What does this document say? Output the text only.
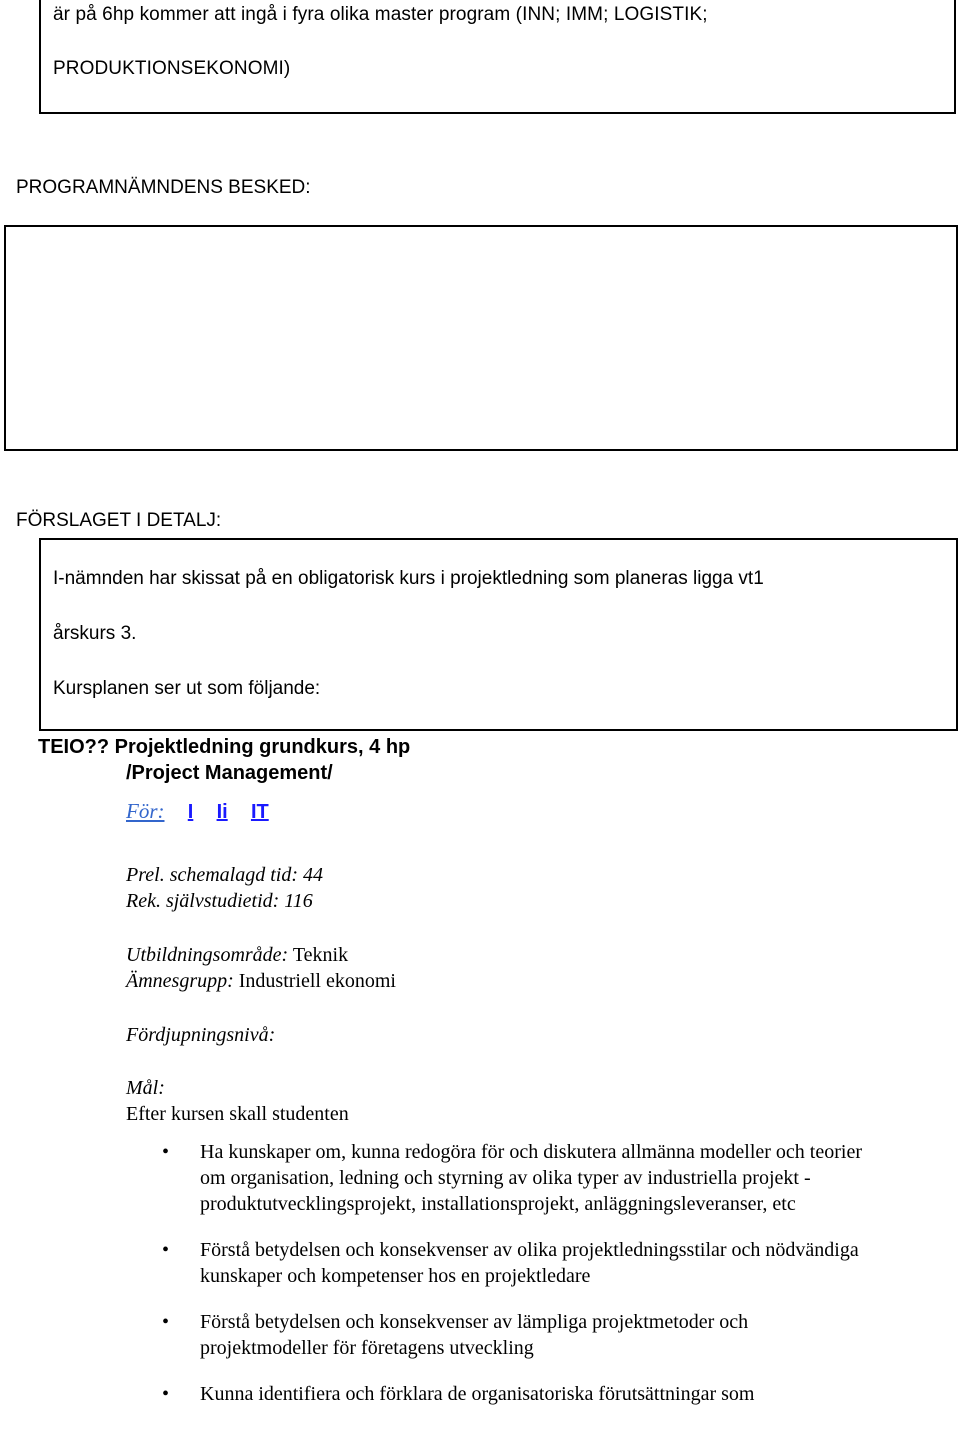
är på 6hp kommer att ingå i fyra olika master program (INN; IMM; LOGISTIK;
PRODUKTIONSEKONOMI)
PROGRAMNÄMNDENS BESKED:
FÖRSLAGET I DETALJ:
I-nämnden har skissat på en obligatorisk kurs i projektledning som planeras ligga vt1
årskurs 3.
Kursplanen ser ut som följande:
TEIO?? Projektledning grundkurs, 4 hp
/Project Management/
För: I Ii IT
Prel. schemalagd tid: 44
Rek. självstudietid: 116
Utbildningsområde: Teknik
Ämnesgrupp: Industriell ekonomi
Fördjupningsnivå:
Mål:
Efter kursen skall studenten
• Ha kunskaper om, kunna redogöra för och diskutera allmänna modeller och teorier om organisation, ledning och styrning av olika typer av industriella projekt - produktutvecklingsprojekt, installationsprojekt, anläggningsleveranser, etc
• Förstå betydelsen och konsekvenser av olika projektledningsstilar och nödvändiga kunskaper och kompetenser hos en projektledare
• Förstå betydelsen och konsekvenser av lämpliga projektmetoder och projektmodeller för företagens utveckling
• Kunna identifiera och förklara de organisatoriska förutsättningar som
